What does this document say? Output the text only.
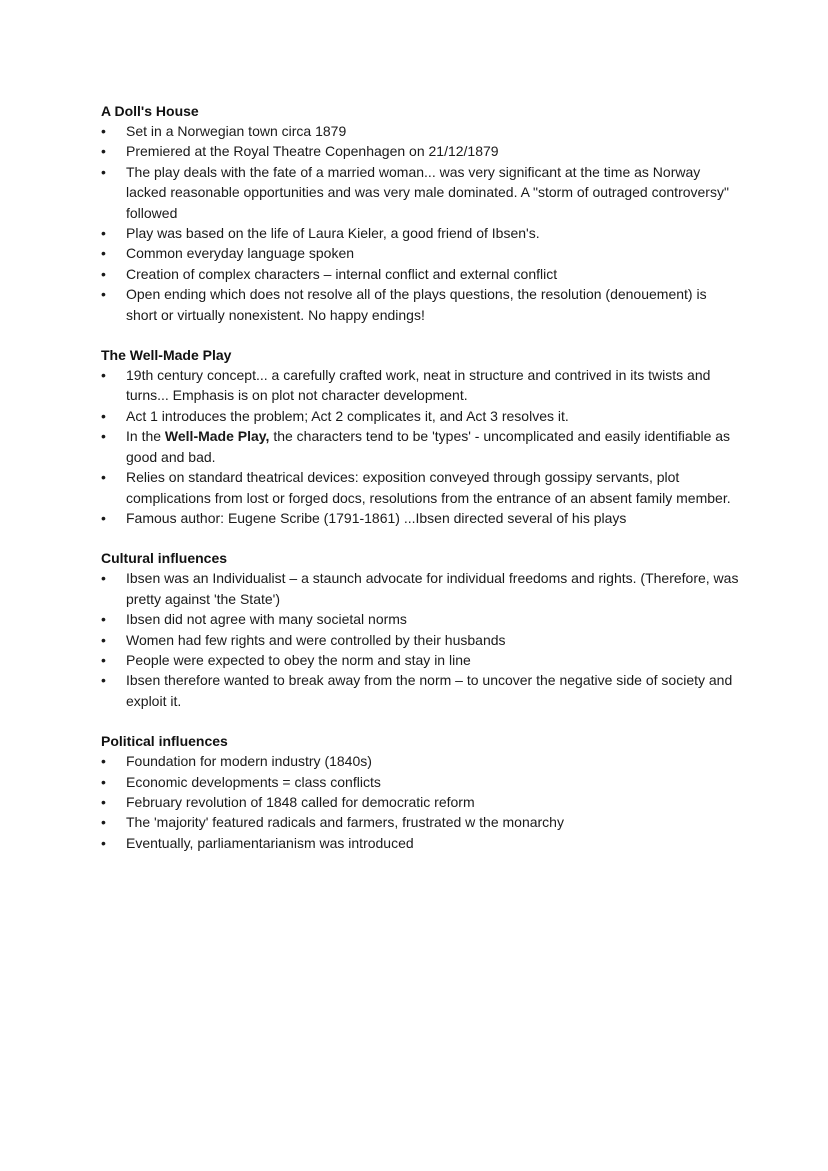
A Doll's House

•	Set in a Norwegian town circa 1879
•	Premiered at the Royal Theatre Copenhagen on 21/12/1879
•	The play deals with the fate of a married woman... was very significant at the time as Norway lacked reasonable opportunities and was very male dominated. A "storm of outraged controversy" followed
•	Play was based on the life of Laura Kieler, a good friend of Ibsen's.
•	Common everyday language spoken
•	Creation of complex characters – internal conflict and external conflict
•	Open ending which does not resolve all of the plays questions, the resolution (denouement) is short or virtually nonexistent. No happy endings!

The Well-Made Play

•	19th century concept... a carefully crafted work, neat in structure and contrived in its twists and turns... Emphasis is on plot not character development.
•	Act 1 introduces the problem; Act 2 complicates it, and Act 3 resolves it.
•	In the Well-Made Play, the characters tend to be 'types' - uncomplicated and easily identifiable as good and bad.
•	Relies on standard theatrical devices: exposition conveyed through gossipy servants, plot complications from lost or forged docs, resolutions from the entrance of an absent family member.
•	Famous author: Eugene Scribe (1791-1861) ...Ibsen directed several of his plays

Cultural influences

•	Ibsen was an Individualist – a staunch advocate for individual freedoms and rights. (Therefore, was pretty against 'the State')
•	Ibsen did not agree with many societal norms
•	Women had few rights and were controlled by their husbands
•	People were expected to obey the norm and stay in line
•	Ibsen therefore wanted to break away from the norm – to uncover the negative side of society and exploit it.

Political influences

•	Foundation for modern industry (1840s)
•	Economic developments = class conflicts
•	February revolution of 1848 called for democratic reform
•	The 'majority' featured radicals and farmers, frustrated w the monarchy
•	Eventually, parliamentarianism was introduced
